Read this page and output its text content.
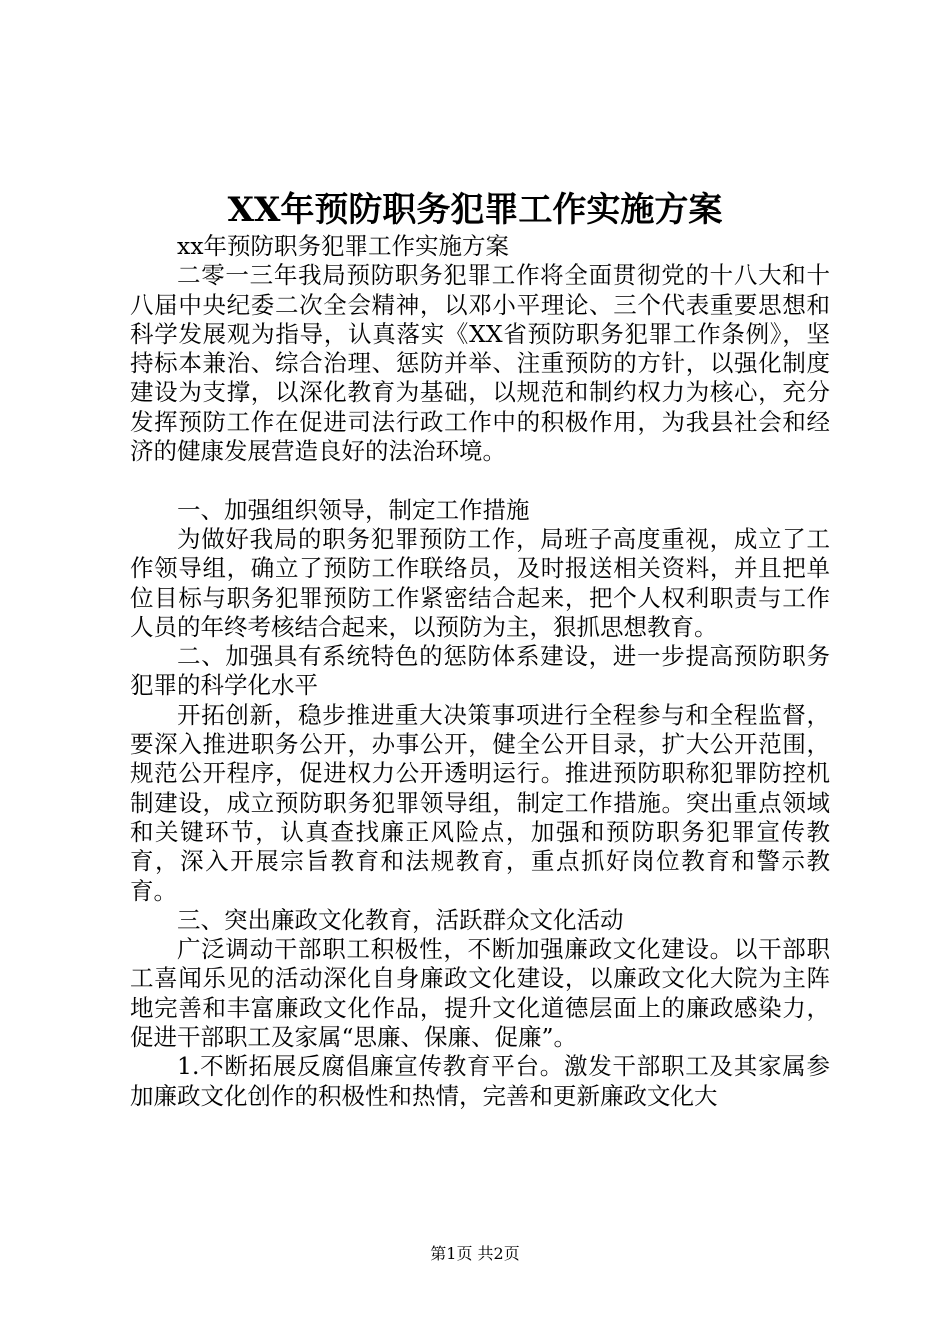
XX年预防职务犯罪工作实施方案

xx年预防职务犯罪工作实施方案

二零一三年我局预防职务犯罪工作将全面贯彻党的十八大和十八届中央纪委二次全会精神，以邓小平理论、三个代表重要思想和科学发展观为指导，认真落实《XX省预防职务犯罪工作条例》，坚持标本兼治、综合治理、惩防并举、注重预防的方针，以强化制度建设为支撑，以深化教育为基础，以规范和制约权力为核心，充分发挥预防工作在促进司法行政工作中的积极作用，为我县社会和经济的健康发展营造良好的法治环境。

一、加强组织领导，制定工作措施

为做好我局的职务犯罪预防工作，局班子高度重视，成立了工作领导组，确立了预防工作联络员，及时报送相关资料，并且把单位目标与职务犯罪预防工作紧密结合起来，把个人权利职责与工作人员的年终考核结合起来，以预防为主，狠抓思想教育。

二、加强具有系统特色的惩防体系建设，进一步提高预防职务犯罪的科学化水平

开拓创新，稳步推进重大决策事项进行全程参与和全程监督，要深入推进职务公开，办事公开，健全公开目录，扩大公开范围，规范公开程序，促进权力公开透明运行。推进预防职称犯罪防控机制建设，成立预防职务犯罪领导组，制定工作措施。突出重点领域和关键环节，认真查找廉正风险点，加强和预防职务犯罪宣传教育，深入开展宗旨教育和法规教育，重点抓好岗位教育和警示教育。

三、突出廉政文化教育，活跃群众文化活动

广泛调动干部职工积极性，不断加强廉政文化建设。以干部职工喜闻乐见的活动深化自身廉政文化建设，以廉政文化大院为主阵地完善和丰富廉政文化作品，提升文化道德层面上的廉政感染力，促进干部职工及家属“思廉、保廉、促廉”。

1.不断拓展反腐倡廉宣传教育平台。激发干部职工及其家属参加廉政文化创作的积极性和热情，完善和更新廉政文化大

第1页 共2页
